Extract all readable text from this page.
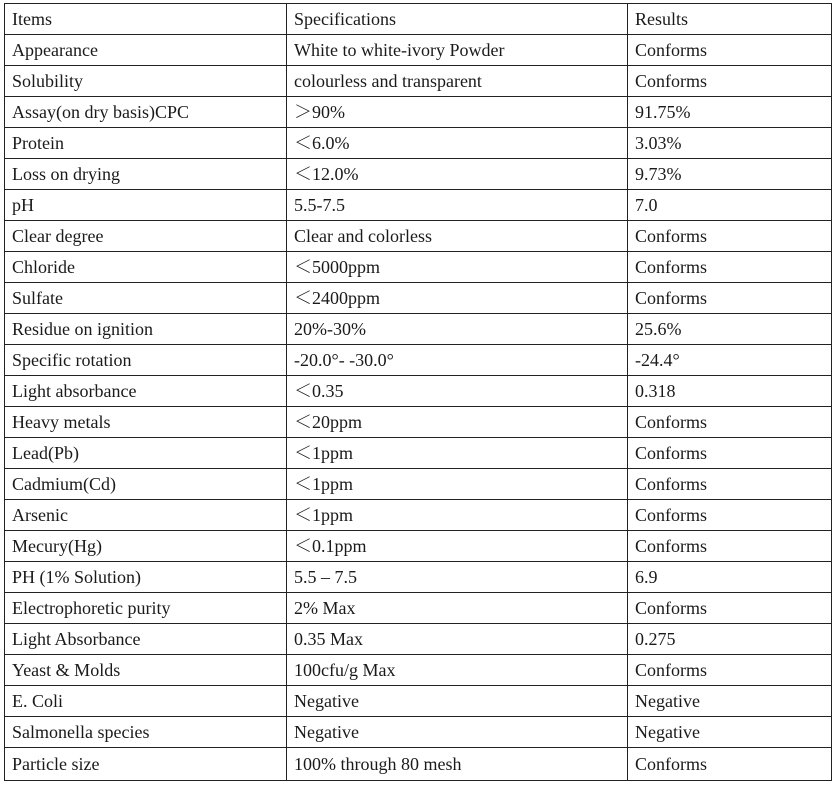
Items	Specifications	Results
Appearance	White to white-ivory Powder	Conforms
Solubility	colourless and transparent	Conforms
Assay(on dry basis)CPC	＞90%	91.75%
Protein	＜6.0%	3.03%
Loss on drying	＜12.0%	9.73%
pH	5.5-7.5	7.0
Clear degree	Clear and colorless	Conforms
Chloride	＜5000ppm	Conforms
Sulfate	＜2400ppm	Conforms
Residue on ignition	20%-30%	25.6%
Specific rotation	-20.0°- -30.0°	-24.4°
Light absorbance	＜0.35	0.318
Heavy metals	＜20ppm	Conforms
Lead(Pb)	＜1ppm	Conforms
Cadmium(Cd)	＜1ppm	Conforms
Arsenic	＜1ppm	Conforms
Mecury(Hg)	＜0.1ppm	Conforms
PH (1% Solution)	5.5 – 7.5	6.9
Electrophoretic purity	2% Max	Conforms
Light Absorbance	0.35 Max	0.275
Yeast & Molds	100cfu/g Max	Conforms
E. Coli	Negative	Negative
Salmonella species	Negative	Negative
Particle size	100% through 80 mesh	Conforms
